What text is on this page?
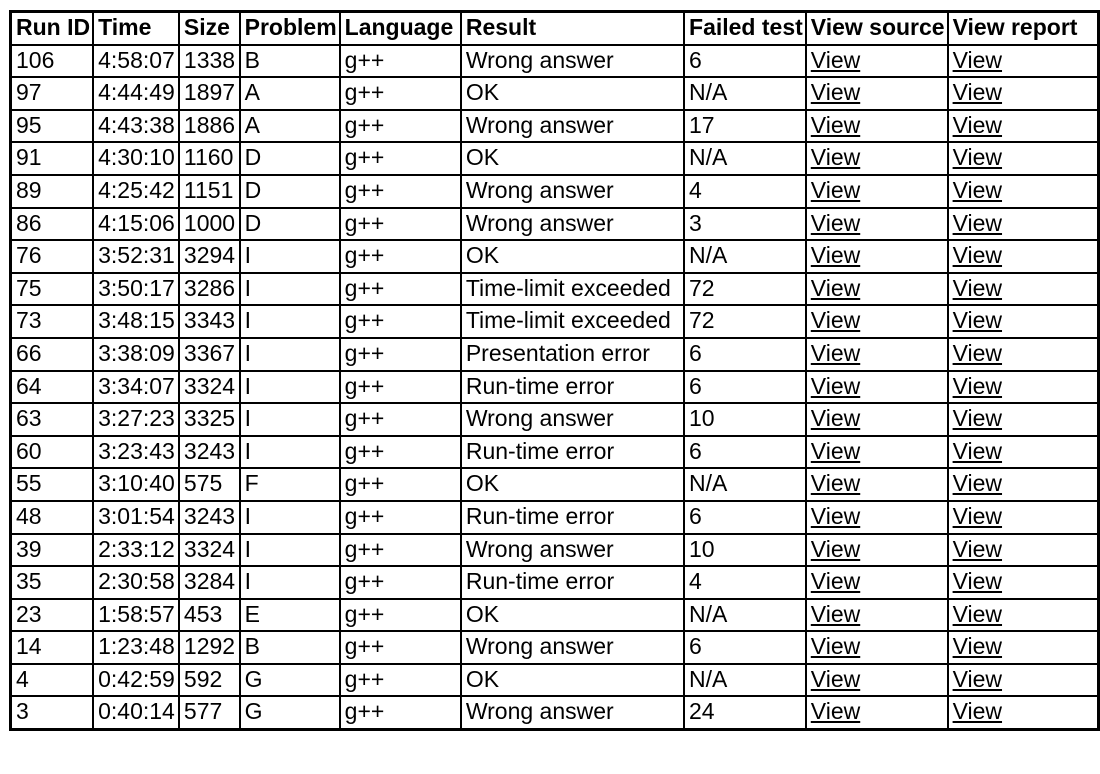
Run ID	Time	Size	Problem	Language	Result	Failed test	View source	View report
106	4:58:07	1338	B	g++	Wrong answer	6	View	View
97	4:44:49	1897	A	g++	OK	N/A	View	View
95	4:43:38	1886	A	g++	Wrong answer	17	View	View
91	4:30:10	1160	D	g++	OK	N/A	View	View
89	4:25:42	1151	D	g++	Wrong answer	4	View	View
86	4:15:06	1000	D	g++	Wrong answer	3	View	View
76	3:52:31	3294	I	g++	OK	N/A	View	View
75	3:50:17	3286	I	g++	Time-limit exceeded	72	View	View
73	3:48:15	3343	I	g++	Time-limit exceeded	72	View	View
66	3:38:09	3367	I	g++	Presentation error	6	View	View
64	3:34:07	3324	I	g++	Run-time error	6	View	View
63	3:27:23	3325	I	g++	Wrong answer	10	View	View
60	3:23:43	3243	I	g++	Run-time error	6	View	View
55	3:10:40	575	F	g++	OK	N/A	View	View
48	3:01:54	3243	I	g++	Run-time error	6	View	View
39	2:33:12	3324	I	g++	Wrong answer	10	View	View
35	2:30:58	3284	I	g++	Run-time error	4	View	View
23	1:58:57	453	E	g++	OK	N/A	View	View
14	1:23:48	1292	B	g++	Wrong answer	6	View	View
4	0:42:59	592	G	g++	OK	N/A	View	View
3	0:40:14	577	G	g++	Wrong answer	24	View	View
